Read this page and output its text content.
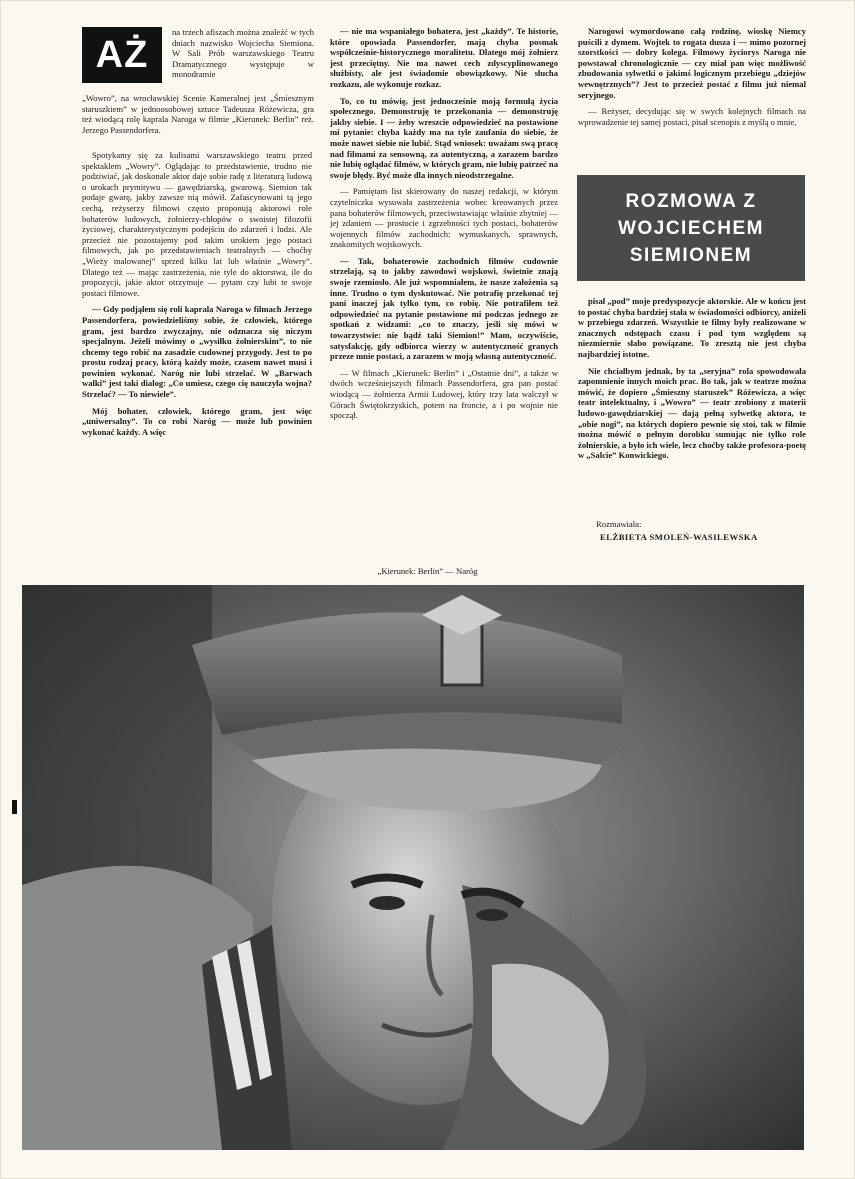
AŻ
na trzech afiszach można znaleźć w tych dniach nazwisko Wojciecha Siemiona. W Sali Prób warszawskiego Teatru Dramatycznego występuje w monodramie
„Wowro”, na wrocławskiej Scenie Kameralnej jest „Śmiesznym staruszkiem” w jednoosobowej sztuce Tadeusza Różewicza, gra też wiodącą rolę kaprala Naroga w filmie „Kierunek: Berlin” reż. Jerzego Passendorfera.

Spotykamy się za kulisami warszawskiego teatru przed spektaklem „Wowry”. Oglądając to przedstawienie, trudno nie podziwiać, jak doskonale aktor daje sobie radę z literaturą ludową o urokach prymitywu — gawędziarską, gwarową. Siemion tak podaje gwarę, jakby zawsze nią mówił. Zafascynowani tą jego cechą, reżyserzy filmowi często proponują aktorowi role bohaterów ludowych, żołnierzy-chłopów o swoistej filozofii życiowej, charakterystycznym podejściu do zdarzeń i ludzi. Ale przecież nie pozostajemy pod takim urokiem jego postaci filmowych, jak po przedstawieniach teatralnych — choćby „Wieży malowanej” sprzed kilku lat lub właśnie „Wowry”. Dlatego też — mając zastrzeżenia, nie tyle do aktorstwa, ile do propozycji, jakie aktor otrzymuje — pytam czy lubi te swoje postaci filmowe.

— Gdy podjąłem się roli kaprala Naroga w filmach Jerzego Passendorfera, powiedzieliśmy sobie, że człowiek, którego gram, jest bardzo zwyczajny, nie odznacza się niczym specjalnym. Jeżeli mówimy o „wysiłku żołnierskim”, to nie chcemy tego robić na zasadzie cudownej przygody. Jest to po prostu rodzaj pracy, którą każdy może, czasem nawet musi i powinien wykonać. Naróg nie lubi strzelać. W „Barwach walki” jest taki dialog: „Co umiesz, czego cię nauczyła wojna? Strzelać? — To niewiele”.

Mój bohater, człowiek, którego gram, jest więc „uniwersalny”. To co robi Naróg — może lub powinien wykonać każdy. A więc

— nie ma wspaniałego bohatera, jest „każdy”. Te historie, które opowiada Passendorfer, mają chyba posmak współcześnie-historycznego moralitetu. Dlatego mój żołnierz jest przeciętny. Nie ma nawet cech zdyscyplinowanego służbisty, ale jest świadomie obowiązkowy. Nie słucha rozkazu, ale wykonuje rozkaz.

To, co tu mówię, jest jednocześnie moją formułą życia społecznego. Demonstruję te przekonania — demonstruję jakby siebie. I — żeby wreszcie odpowiedzieć na postawione mi pytanie: chyba każdy ma na tyle zaufania do siebie, że może nawet siebie nie lubić. Stąd wniosek: uważam swą pracę nad filmami za sensowną, za autentyczną, a zarazem bardzo nie lubię oglądać filmów, w których gram, nie lubię patrzeć na swoje błędy. Być może dla innych nieodstrzegalne.

— Pamiętam list skierowany do naszej redakcji, w którym czytelniczka wysuwała zastrzeżenia wobec kreowanych przez pana bohaterów filmowych, przeciwstawiając właśnie zbytniej — jej zdaniem — prostocie i zgrzebności tych postaci, bohaterów wojennych filmów zachodnich: wymuskanych, sprawnych, znakomitych wojskowych.

— Tak, bohaterowie zachodnich filmów cudownie strzelają, są to jakby zawodowi wojskowi, świetnie znają swoje rzemiosło. Ale już wspomniałem, że nasze założenia są inne. Trudno o tym dyskutować. Nie potrafię przekonać tej pani inaczej jak tylko tym, co robię. Nie potrafiłem też odpowiedzieć na pytanie postawione mi podczas jednego ze spotkań z widzami: „co to znaczy, jeśli się mówi w towarzystwie: nie bądź taki Siemion!” Mam, oczywiście, satysfakcję, gdy odbiorca wierzy w autentyczność granych przeze mnie postaci, a zarazem w moją własną autentyczność.

— W filmach „Kierunek: Berlin” i „Ostatnie dni”, a także w dwóch wcześniejszych filmach Passendorfera, gra pan postać wiodącą — żołnierza Armii Ludowej, który trzy lata walczył w Górach Świętokrzyskich, potem na froncie, a i po wojnie nie spoczął.

Narogowi wymordowano całą rodzinę, wioskę Niemcy puścili z dymem. Wojtek to rogata dusza i — mimo pozornej szorstkości — dobry kolega. Filmowy życiorys Naroga nie powstawał chronologicznie — czy miał pan więc możliwość zbudowania sylwetki o jakimś logicznym przebiegu „dziejów wewnętrznych”? Jest to przecież postać z filmu już niemal seryjnego.

— Reżyser, decydując się w swych kolejnych filmach na wprowadzenie tej samej postaci, pisał scenopis z myślą o mnie,

ROZMOWA Z WOJCIECHEM SIEMIONEM

pisał „pod” moje predyspozycje aktorskie. Ale w końcu jest to postać chyba bardziej stała w świadomości odbiorcy, aniżeli w przebiegu zdarzeń. Wszystkie te filmy były realizowane w znacznych odstępach czasu i pod tym względem są niezmiernie słabo powiązane. To zresztą nie jest chyba najbardziej istotne.

Nie chciałbym jednak, by ta „seryjna” rola spowodowała zapomnienie innych moich prac. Bo tak, jak w teatrze można mówić, że dopiero „Śmieszny staruszek” Różewicza, a więc teatr intelektualny, i „Wowro” — teatr zrobiony z materii ludowo-gawędziarskiej — dają pełną sylwetkę aktora, te „obie nogi”, na których dopiero pewnie się stoi, tak w filmie można mówić o pełnym dorobku sumując nie tylko role żołnierskie, a było ich wiele, lecz choćby także profesora-poetę w „Salcie” Konwickiego.

Rozmawiała:
ELŻBIETA SMOLEŃ-WASILEWSKA
„Kierunek: Berlin” — Naróg
